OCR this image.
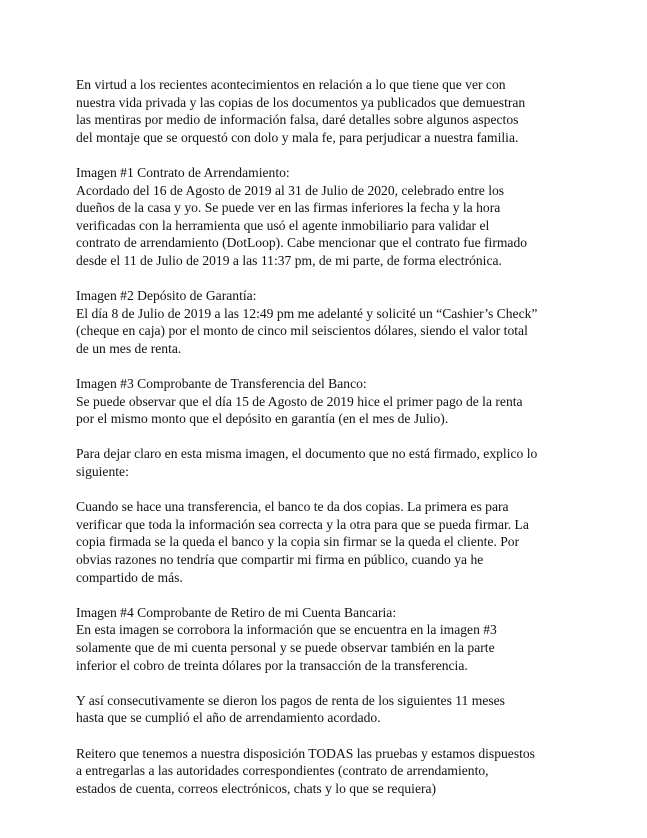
En virtud a los recientes acontecimientos en relación a lo que tiene que ver con
nuestra vida privada y las copias de los documentos ya publicados que demuestran
las mentiras por medio de información falsa, daré detalles sobre algunos aspectos
del montaje que se orquestó con dolo y mala fe, para perjudicar a nuestra familia.

Imagen #1 Contrato de Arrendamiento:
Acordado del 16 de Agosto de 2019 al 31 de Julio de 2020, celebrado entre los
dueños de la casa y yo. Se puede ver en las firmas inferiores la fecha y la hora
verificadas con la herramienta que usó el agente inmobiliario para validar el
contrato de arrendamiento (DotLoop). Cabe mencionar que el contrato fue firmado
desde el 11 de Julio de 2019 a las 11:37 pm, de mi parte, de forma electrónica.

Imagen #2 Depósito de Garantía:
El día 8 de Julio de 2019 a las 12:49 pm me adelanté y solicité un “Cashier’s Check”
(cheque en caja) por el monto de cinco mil seiscientos dólares, siendo el valor total
de un mes de renta.

Imagen #3 Comprobante de Transferencia del Banco:
Se puede observar que el día 15 de Agosto de 2019 hice el primer pago de la renta
por el mismo monto que el depósito en garantía (en el mes de Julio).

Para dejar claro en esta misma imagen, el documento que no está firmado, explico lo
siguiente:

Cuando se hace una transferencia, el banco te da dos copias. La primera es para
verificar que toda la información sea correcta y la otra para que se pueda firmar. La
copia firmada se la queda el banco y la copia sin firmar se la queda el cliente. Por
obvias razones no tendría que compartir mi firma en público, cuando ya he
compartido de más.

Imagen #4 Comprobante de Retiro de mi Cuenta Bancaria:
En esta imagen se corrobora la información que se encuentra en la imagen #3
solamente que de mi cuenta personal y se puede observar también en la parte
inferior el cobro de treinta dólares por la transacción de la transferencia.

Y así consecutivamente se dieron los pagos de renta de los siguientes 11 meses
hasta que se cumplió el año de arrendamiento acordado.

Reitero que tenemos a nuestra disposición TODAS las pruebas y estamos dispuestos
a entregarlas a las autoridades correspondientes (contrato de arrendamiento,
estados de cuenta, correos electrónicos, chats y lo que se requiera)
